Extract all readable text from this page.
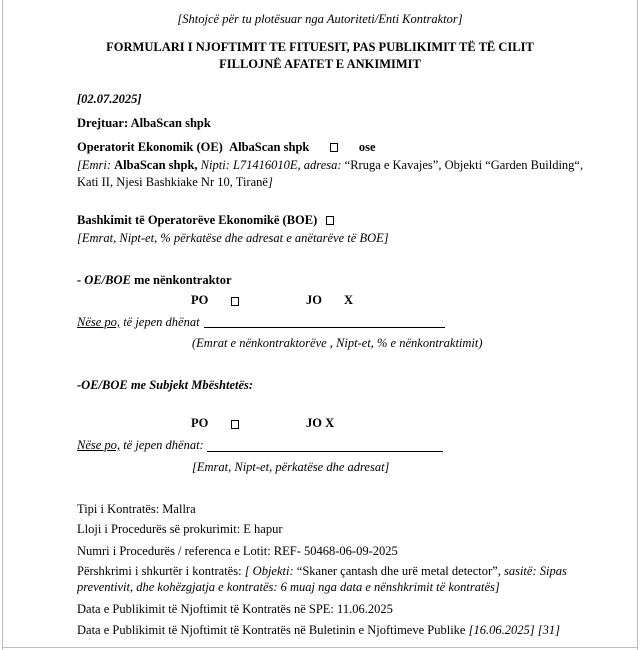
[Shtojcë për tu plotësuar nga Autoriteti/Enti Kontraktor]
FORMULARI I NJOFTIMIT TE FITUESIT, PAS PUBLIKIMIT TË TË CILIT
FILLOJNË AFATET E ANKIMIMIT
[02.07.2025]
Drejtuar: AlbaScan shpk
Operatorit Ekonomik (OE) AlbaScan shpk	ose
[Emri: AlbaScan shpk, Nipti: L71416010E, adresa: “Rruga e Kavajes”, Objekti “Garden Building“,
Kati II, Njesi Bashkiake Nr 10, Tiranë]
Bashkimit të Operatorëve Ekonomikë (BOE)
[Emrat, Nipt-et, % përkatëse dhe adresat e anëtarëve të BOE]
- OE/BOE me nënkontraktor
PO	JO X
Nëse po, të jepen dhënat
(Emrat e nënkontraktorëve , Nipt-et, % e nënkontraktimit)
-OE/BOE me Subjekt Mbështetës:
PO	JO X
Nëse po, të jepen dhënat:
[Emrat, Nipt-et, përkatëse dhe adresat]
Tipi i Kontratës: Mallra
Lloji i Procedurës së prokurimit: E hapur
Numri i Procedurës / referenca e Lotit: REF- 50468-06-09-2025
Përshkrimi i shkurtër i kontratës: [ Objekti: “Skaner çantash dhe urë metal detector”, sasitë: Sipas
preventivit, dhe kohëzgjatja e kontratës: 6 muaj nga data e nënshkrimit të kontratës]
Data e Publikimit të Njoftimit të Kontratës në SPE: 11.06.2025
Data e Publikimit të Njoftimit të Kontratës në Buletinin e Njoftimeve Publike [16.06.2025] [31]
